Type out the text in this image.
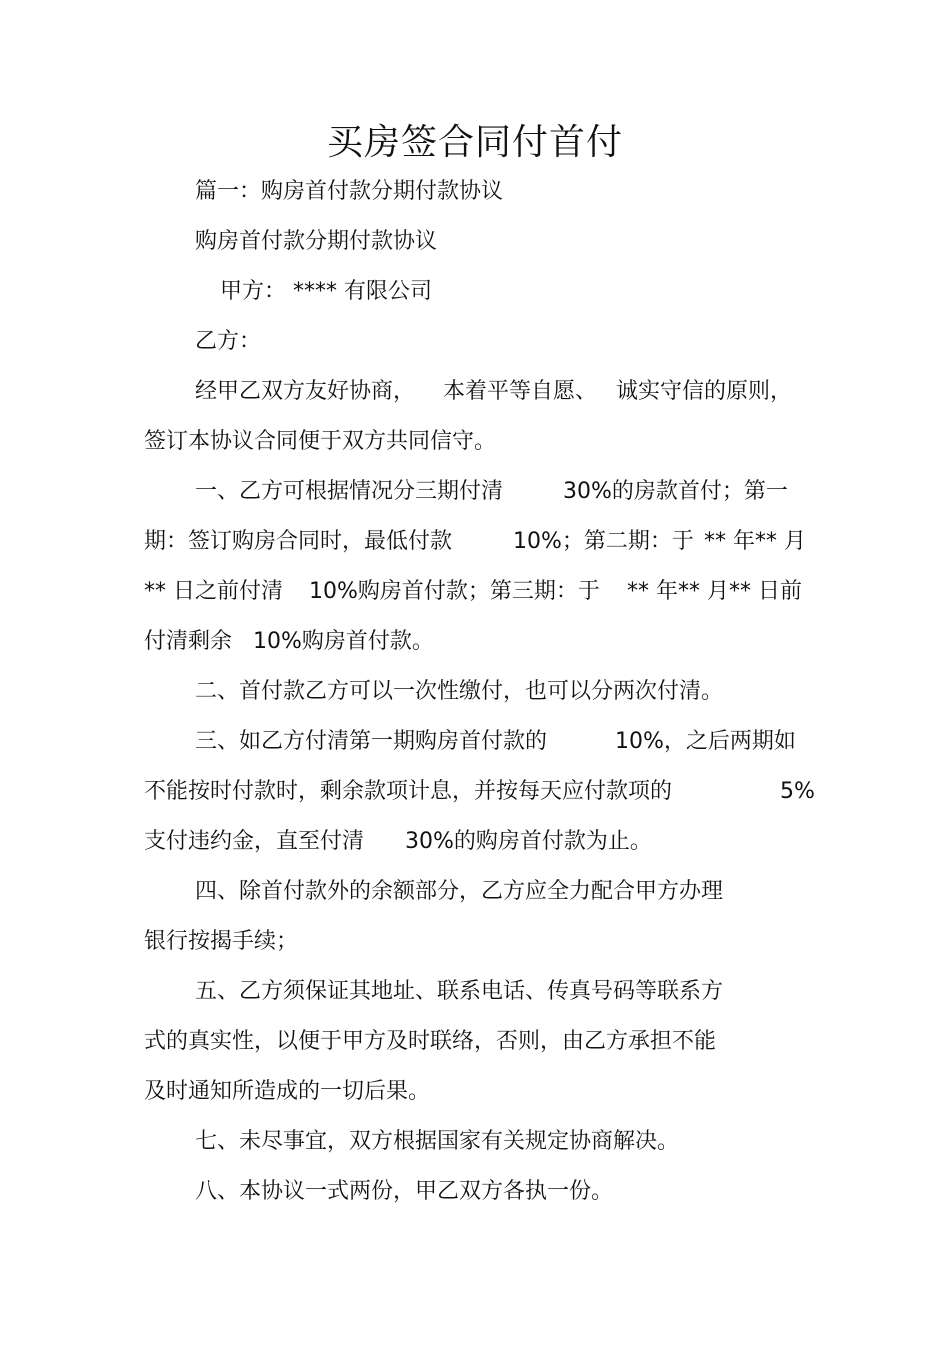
买房签合同付首付
篇一：购房首付款分期付款协议
购房首付款分期付款协议
甲方： **** 有限公司
乙方：
经甲乙双方友好协商， 本着平等自愿、 诚实守信的原则，
签订本协议合同便于双方共同信守。
一、乙方可根据情况分三期付清	30%的房款首付；第一
期：签订购房合同时，最低付款	10%；第二期：于 ** 年** 月
** 日之前付清 10%购房首付款；第三期：于 ** 年** 月** 日前
付清剩余 10%购房首付款。
二、首付款乙方可以一次性缴付，也可以分两次付清。
三、如乙方付清第一期购房首付款的	10%，之后两期如
不能按时付款时，剩余款项计息，并按每天应付款项的	5%
支付违约金，直至付清 30%的购房首付款为止。
四、除首付款外的余额部分，乙方应全力配合甲方办理
银行按揭手续；
五、乙方须保证其地址、联系电话、传真号码等联系方
式的真实性，以便于甲方及时联络，否则，由乙方承担不能
及时通知所造成的一切后果。
七、未尽事宜，双方根据国家有关规定协商解决。
八、本协议一式两份，甲乙双方各执一份。
